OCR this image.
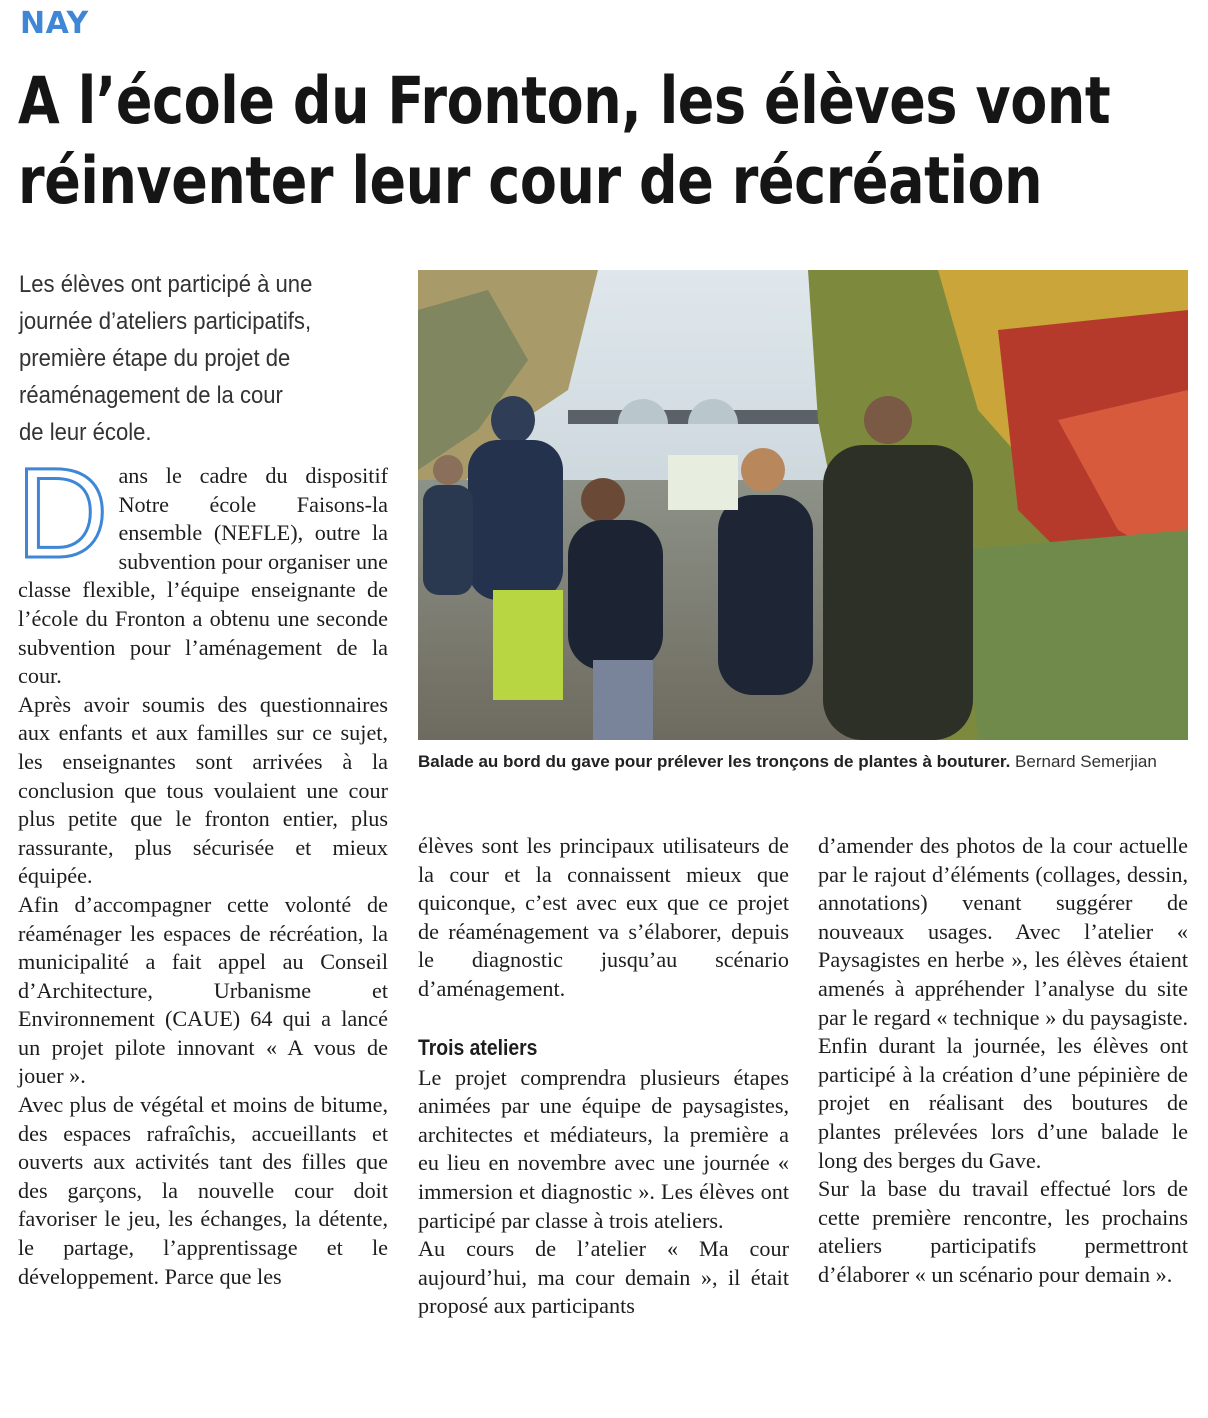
NAY
A l’école du Fronton, les élèves vont
réinventer leur cour de récréation
Les élèves ont participé à une
journée d’ateliers participatifs,
première étape du projet de
réaménagement de la cour
de leur école.
Balade au bord du gave pour prélever les tronçons de plantes à bouturer. Bernard Semerjian

Dans le cadre du dispositif Notre école Faisons-la ensemble (NEFLE), outre la subvention pour organiser une classe flexible, l’équipe enseignante de l’école du Fronton a obtenu une seconde subvention pour l’aménagement de la cour.

Après avoir soumis des questionnaires aux enfants et aux familles sur ce sujet, les enseignantes sont arrivées à la conclusion que tous voulaient une cour plus petite que le fronton entier, plus rassurante, plus sécurisée et mieux équipée.

Afin d’accompagner cette volonté de réaménager les espaces de récréation, la municipalité a fait appel au Conseil d’Architecture, Urbanisme et Environnement (CAUE) 64 qui a lancé un projet pilote innovant « A vous de jouer ».

Avec plus de végétal et moins de bitume, des espaces rafraîchis, accueillants et ouverts aux activités tant des filles que des garçons, la nouvelle cour doit favoriser le jeu, les échanges, la détente, le partage, l’apprentissage et le développement. Parce que les

élèves sont les principaux utilisateurs de la cour et la connaissent mieux que quiconque, c’est avec eux que ce projet de réaménagement va s’élaborer, depuis le diagnostic jusqu’au scénario d’aménagement.

Trois ateliers

Le projet comprendra plusieurs étapes animées par une équipe de paysagistes, architectes et médiateurs, la première a eu lieu en novembre avec une journée « immersion et diagnostic ». Les élèves ont participé par classe à trois ateliers.

Au cours de l’atelier « Ma cour aujourd’hui, ma cour demain », il était proposé aux participants

d’amender des photos de la cour actuelle par le rajout d’éléments (collages, dessin, annotations) venant suggérer de nouveaux usages. Avec l’atelier « Paysagistes en herbe », les élèves étaient amenés à appréhender l’analyse du site par le regard « technique » du paysagiste. Enfin durant la journée, les élèves ont participé à la création d’une pépinière de projet en réalisant des boutures de plantes prélevées lors d’une balade le long des berges du Gave.

Sur la base du travail effectué lors de cette première rencontre, les prochains ateliers participatifs permettront d’élaborer « un scénario pour demain ».
